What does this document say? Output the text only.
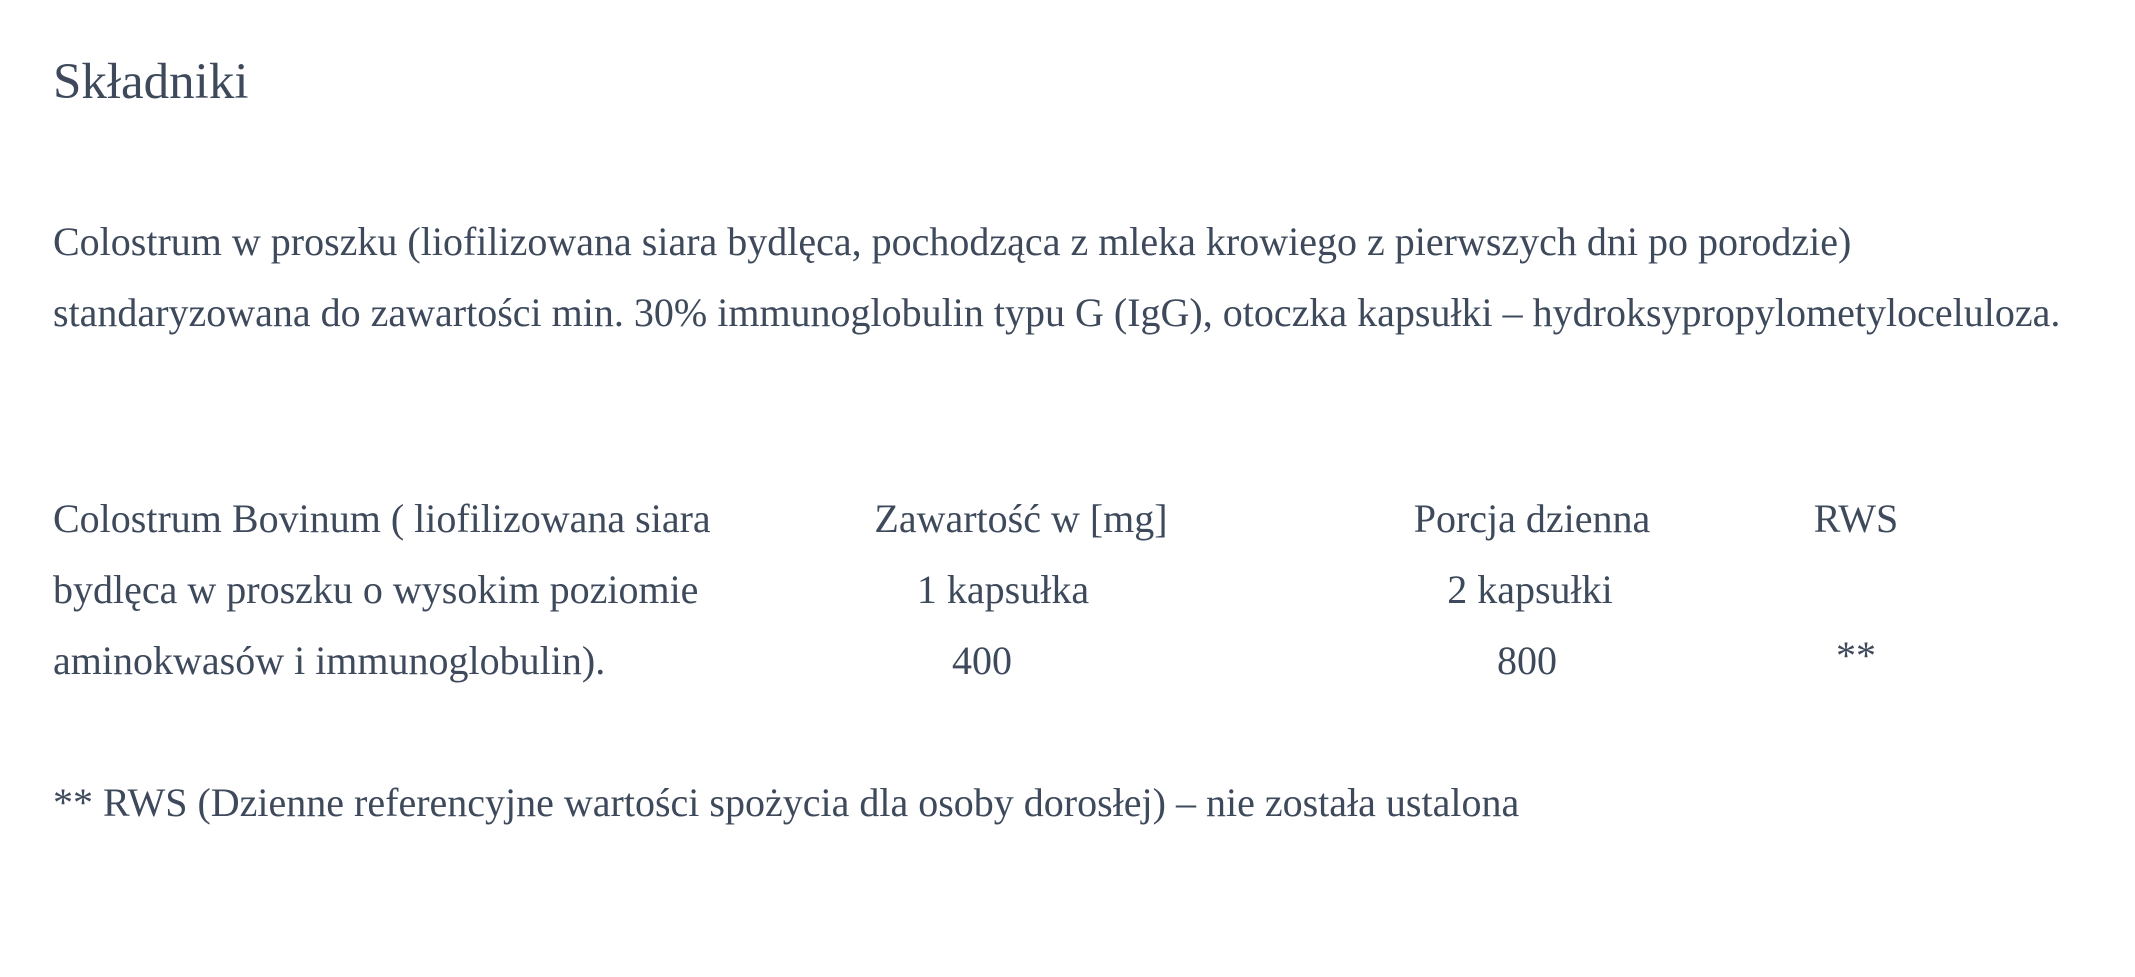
Składniki
Colostrum w proszku (liofilizowana siara bydlęca, pochodząca z mleka krowiego z pierwszych dni po porodzie)
standaryzowana do zawartości min. 30% immunoglobulin typu G (IgG), otoczka kapsułki – hydroksypropylometyloceluloza.
Colostrum Bovinum ( liofilizowana siara
bydlęca w proszku o wysokim poziomie
aminokwasów i immunoglobulin).
Zawartość w [mg]
1 kapsułka
400
Porcja dzienna
2 kapsułki
800
RWS
**

** RWS (Dzienne referencyjne wartości spożycia dla osoby dorosłej) – nie została ustalona
